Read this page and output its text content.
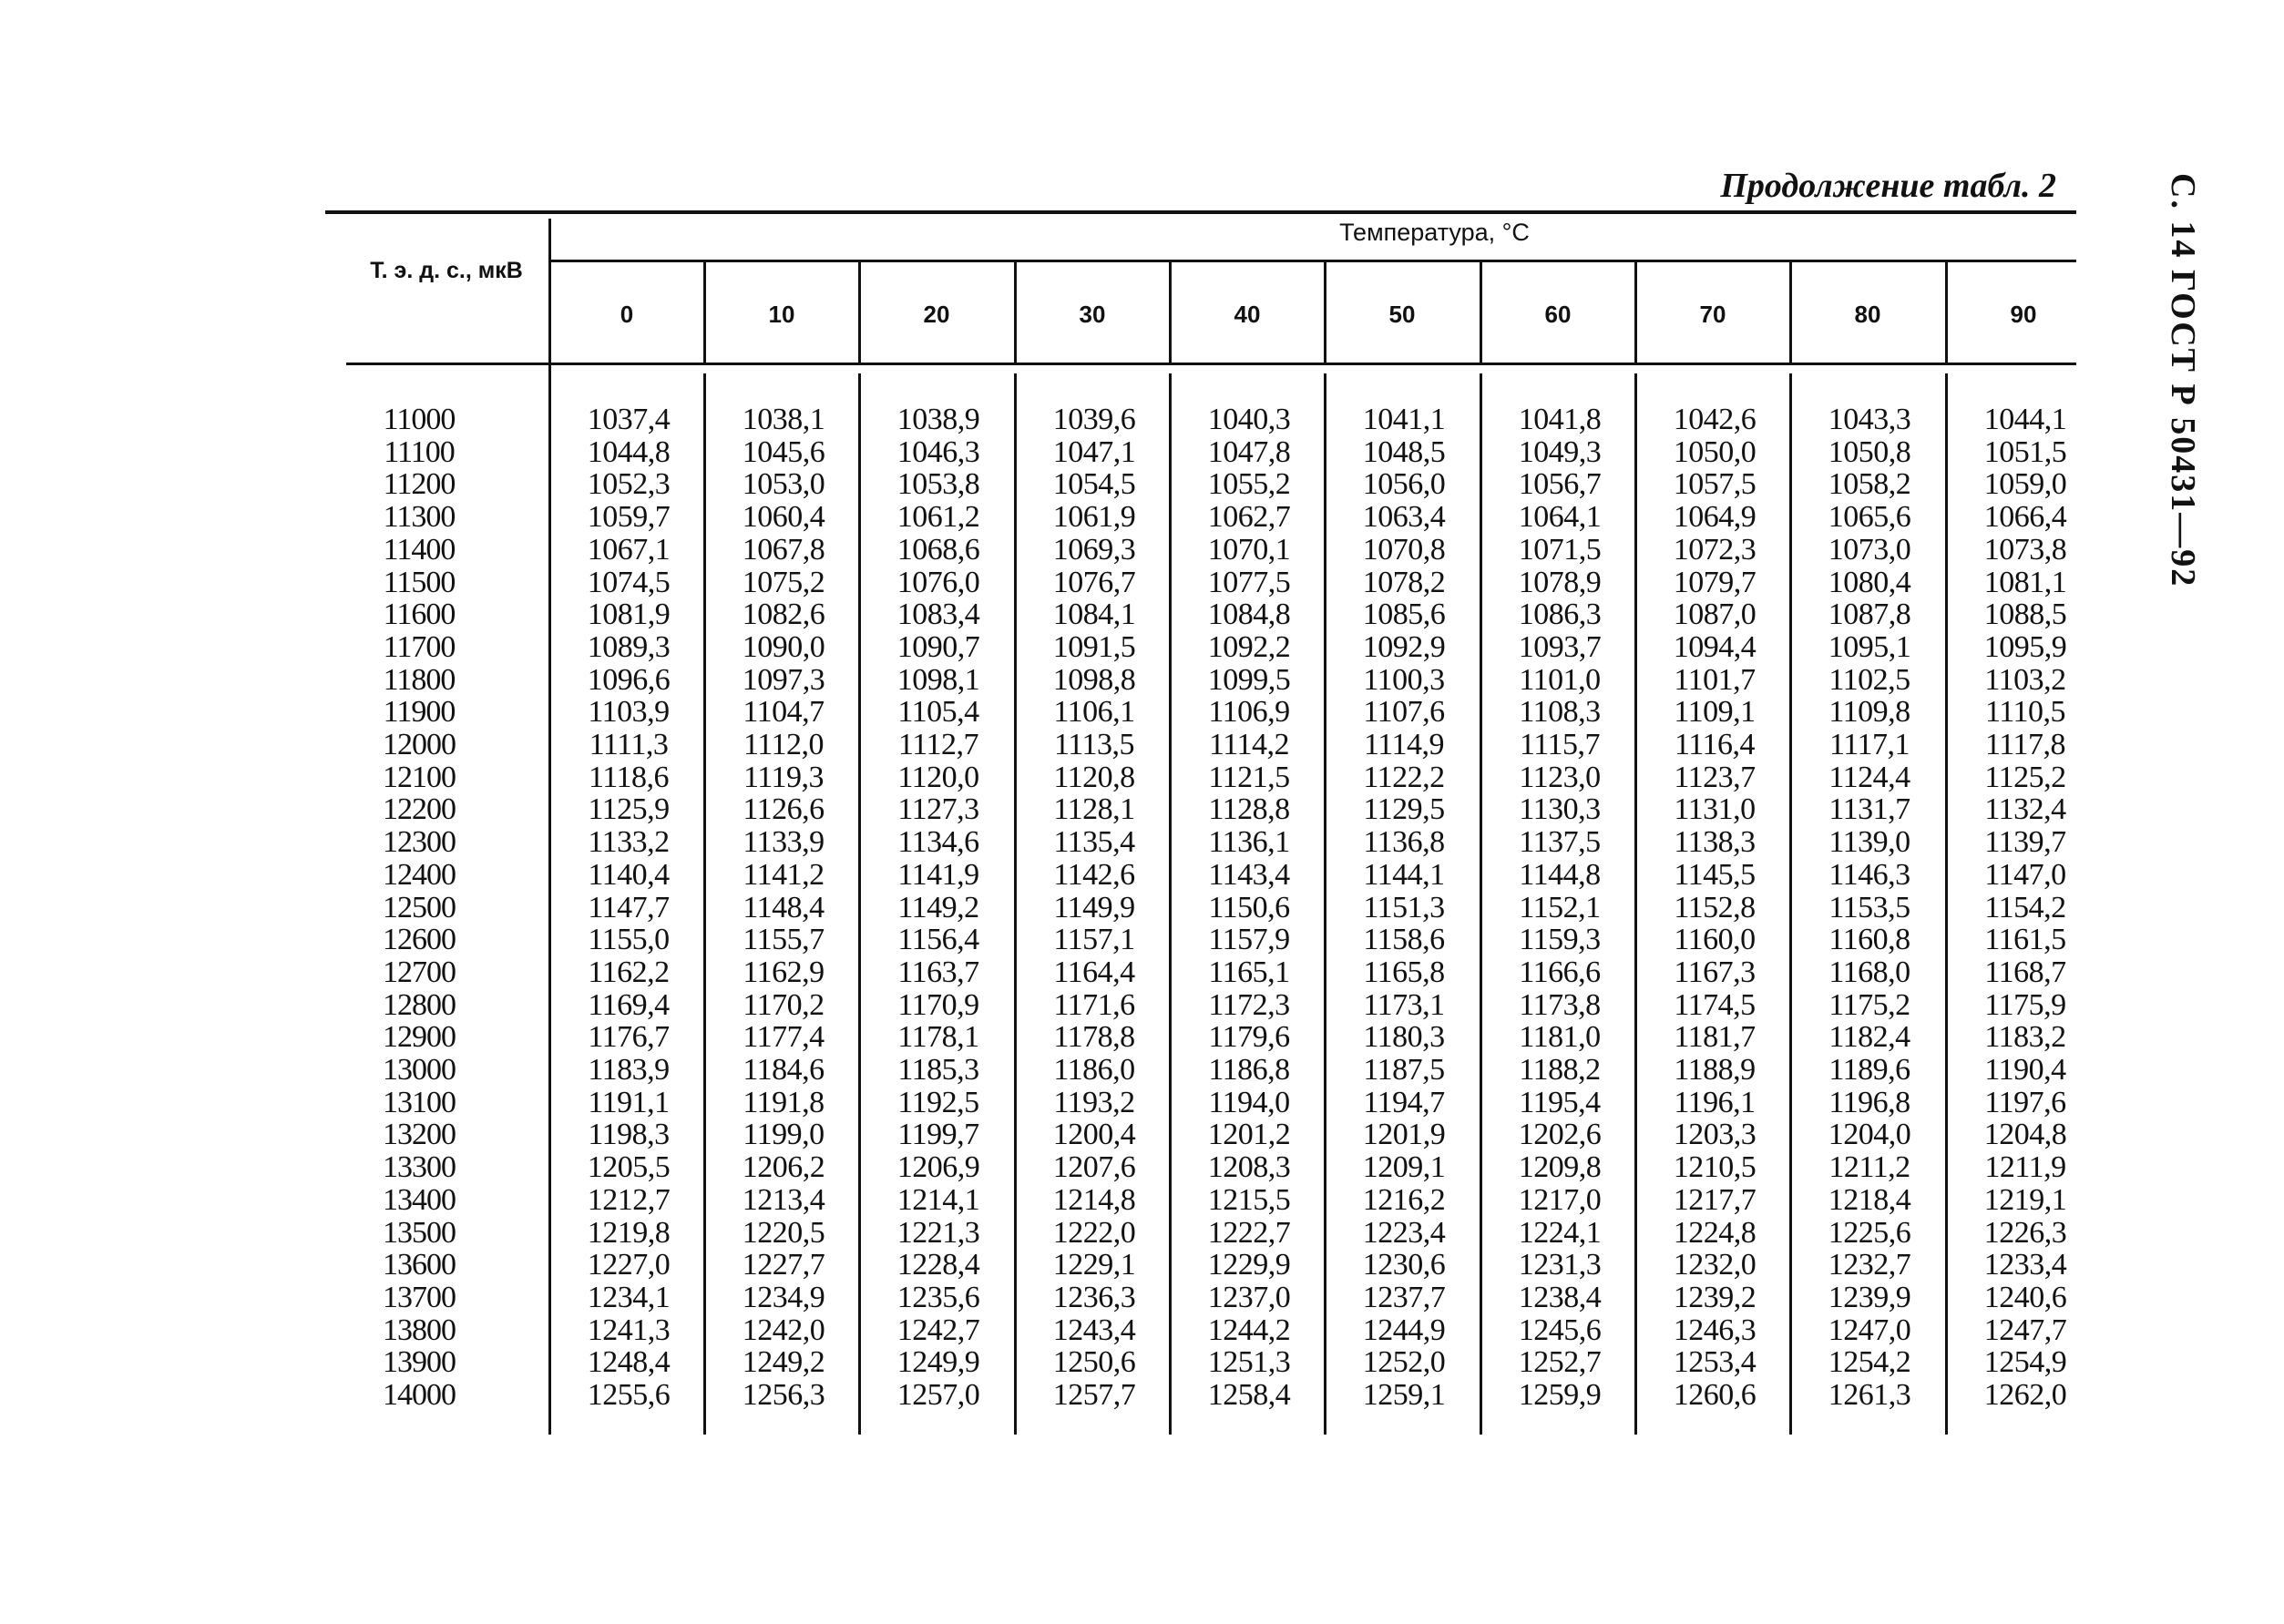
Продолжение табл. 2	С. 14 ГОСТ Р 50431—92
Температура, °С
Т. э. д. с., мкВ
0	10	20	30	40	50	60	70	80	90
11000	1037,4	1038,1	1038,9	1039,6	1040,3	1041,1	1041,8	1042,6	1043,3	1044,1
11100	1044,8	1045,6	1046,3	1047,1	1047,8	1048,5	1049,3	1050,0	1050,8	1051,5
11200	1052,3	1053,0	1053,8	1054,5	1055,2	1056,0	1056,7	1057,5	1058,2	1059,0
11300	1059,7	1060,4	1061,2	1061,9	1062,7	1063,4	1064,1	1064,9	1065,6	1066,4
11400	1067,1	1067,8	1068,6	1069,3	1070,1	1070,8	1071,5	1072,3	1073,0	1073,8
11500	1074,5	1075,2	1076,0	1076,7	1077,5	1078,2	1078,9	1079,7	1080,4	1081,1
11600	1081,9	1082,6	1083,4	1084,1	1084,8	1085,6	1086,3	1087,0	1087,8	1088,5
11700	1089,3	1090,0	1090,7	1091,5	1092,2	1092,9	1093,7	1094,4	1095,1	1095,9
11800	1096,6	1097,3	1098,1	1098,8	1099,5	1100,3	1101,0	1101,7	1102,5	1103,2
11900	1103,9	1104,7	1105,4	1106,1	1106,9	1107,6	1108,3	1109,1	1109,8	1110,5
12000	1111,3	1112,0	1112,7	1113,5	1114,2	1114,9	1115,7	1116,4	1117,1	1117,8
12100	1118,6	1119,3	1120,0	1120,8	1121,5	1122,2	1123,0	1123,7	1124,4	1125,2
12200	1125,9	1126,6	1127,3	1128,1	1128,8	1129,5	1130,3	1131,0	1131,7	1132,4
12300	1133,2	1133,9	1134,6	1135,4	1136,1	1136,8	1137,5	1138,3	1139,0	1139,7
12400	1140,4	1141,2	1141,9	1142,6	1143,4	1144,1	1144,8	1145,5	1146,3	1147,0
12500	1147,7	1148,4	1149,2	1149,9	1150,6	1151,3	1152,1	1152,8	1153,5	1154,2
12600	1155,0	1155,7	1156,4	1157,1	1157,9	1158,6	1159,3	1160,0	1160,8	1161,5
12700	1162,2	1162,9	1163,7	1164,4	1165,1	1165,8	1166,6	1167,3	1168,0	1168,7
12800	1169,4	1170,2	1170,9	1171,6	1172,3	1173,1	1173,8	1174,5	1175,2	1175,9
12900	1176,7	1177,4	1178,1	1178,8	1179,6	1180,3	1181,0	1181,7	1182,4	1183,2
13000	1183,9	1184,6	1185,3	1186,0	1186,8	1187,5	1188,2	1188,9	1189,6	1190,4
13100	1191,1	1191,8	1192,5	1193,2	1194,0	1194,7	1195,4	1196,1	1196,8	1197,6
13200	1198,3	1199,0	1199,7	1200,4	1201,2	1201,9	1202,6	1203,3	1204,0	1204,8
13300	1205,5	1206,2	1206,9	1207,6	1208,3	1209,1	1209,8	1210,5	1211,2	1211,9
13400	1212,7	1213,4	1214,1	1214,8	1215,5	1216,2	1217,0	1217,7	1218,4	1219,1
13500	1219,8	1220,5	1221,3	1222,0	1222,7	1223,4	1224,1	1224,8	1225,6	1226,3
13600	1227,0	1227,7	1228,4	1229,1	1229,9	1230,6	1231,3	1232,0	1232,7	1233,4
13700	1234,1	1234,9	1235,6	1236,3	1237,0	1237,7	1238,4	1239,2	1239,9	1240,6
13800	1241,3	1242,0	1242,7	1243,4	1244,2	1244,9	1245,6	1246,3	1247,0	1247,7
13900	1248,4	1249,2	1249,9	1250,6	1251,3	1252,0	1252,7	1253,4	1254,2	1254,9
14000	1255,6	1256,3	1257,0	1257,7	1258,4	1259,1	1259,9	1260,6	1261,3	1262,0
